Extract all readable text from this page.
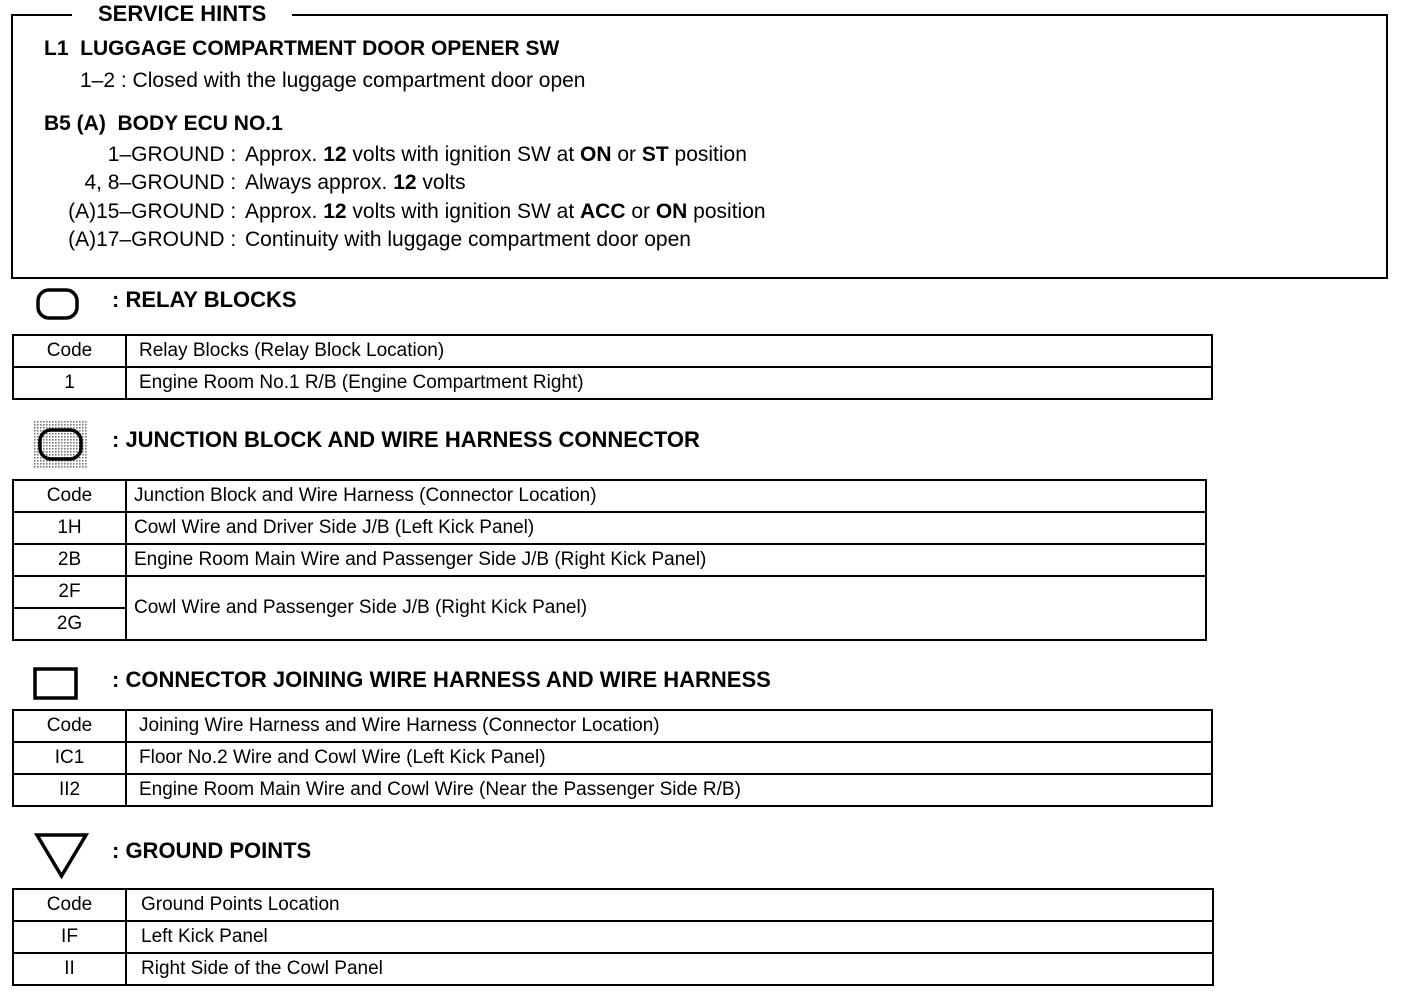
SERVICE HINTS
L1  LUGGAGE COMPARTMENT DOOR OPENER SW
1–2 : Closed with the luggage compartment door open
B5 (A)  BODY ECU NO.1
1–GROUND : Approx. 12 volts with ignition SW at ON or ST position
4, 8–GROUND : Always approx. 12 volts
(A)15–GROUND : Approx. 12 volts with ignition SW at ACC or ON position
(A)17–GROUND : Continuity with luggage compartment door open
: RELAY BLOCKS
Code	Relay Blocks (Relay Block Location)
1	Engine Room No.1 R/B (Engine Compartment Right)
: JUNCTION BLOCK AND WIRE HARNESS CONNECTOR
Code	Junction Block and Wire Harness (Connector Location)
1H	Cowl Wire and Driver Side J/B (Left Kick Panel)
2B	Engine Room Main Wire and Passenger Side J/B (Right Kick Panel)
2F	Cowl Wire and Passenger Side J/B (Right Kick Panel)
2G	
: CONNECTOR JOINING WIRE HARNESS AND WIRE HARNESS
Code	Joining Wire Harness and Wire Harness (Connector Location)
IC1	Floor No.2 Wire and Cowl Wire (Left Kick Panel)
II2	Engine Room Main Wire and Cowl Wire (Near the Passenger Side R/B)
: GROUND POINTS
Code	Ground Points Location
IF	Left Kick Panel
II	Right Side of the Cowl Panel
